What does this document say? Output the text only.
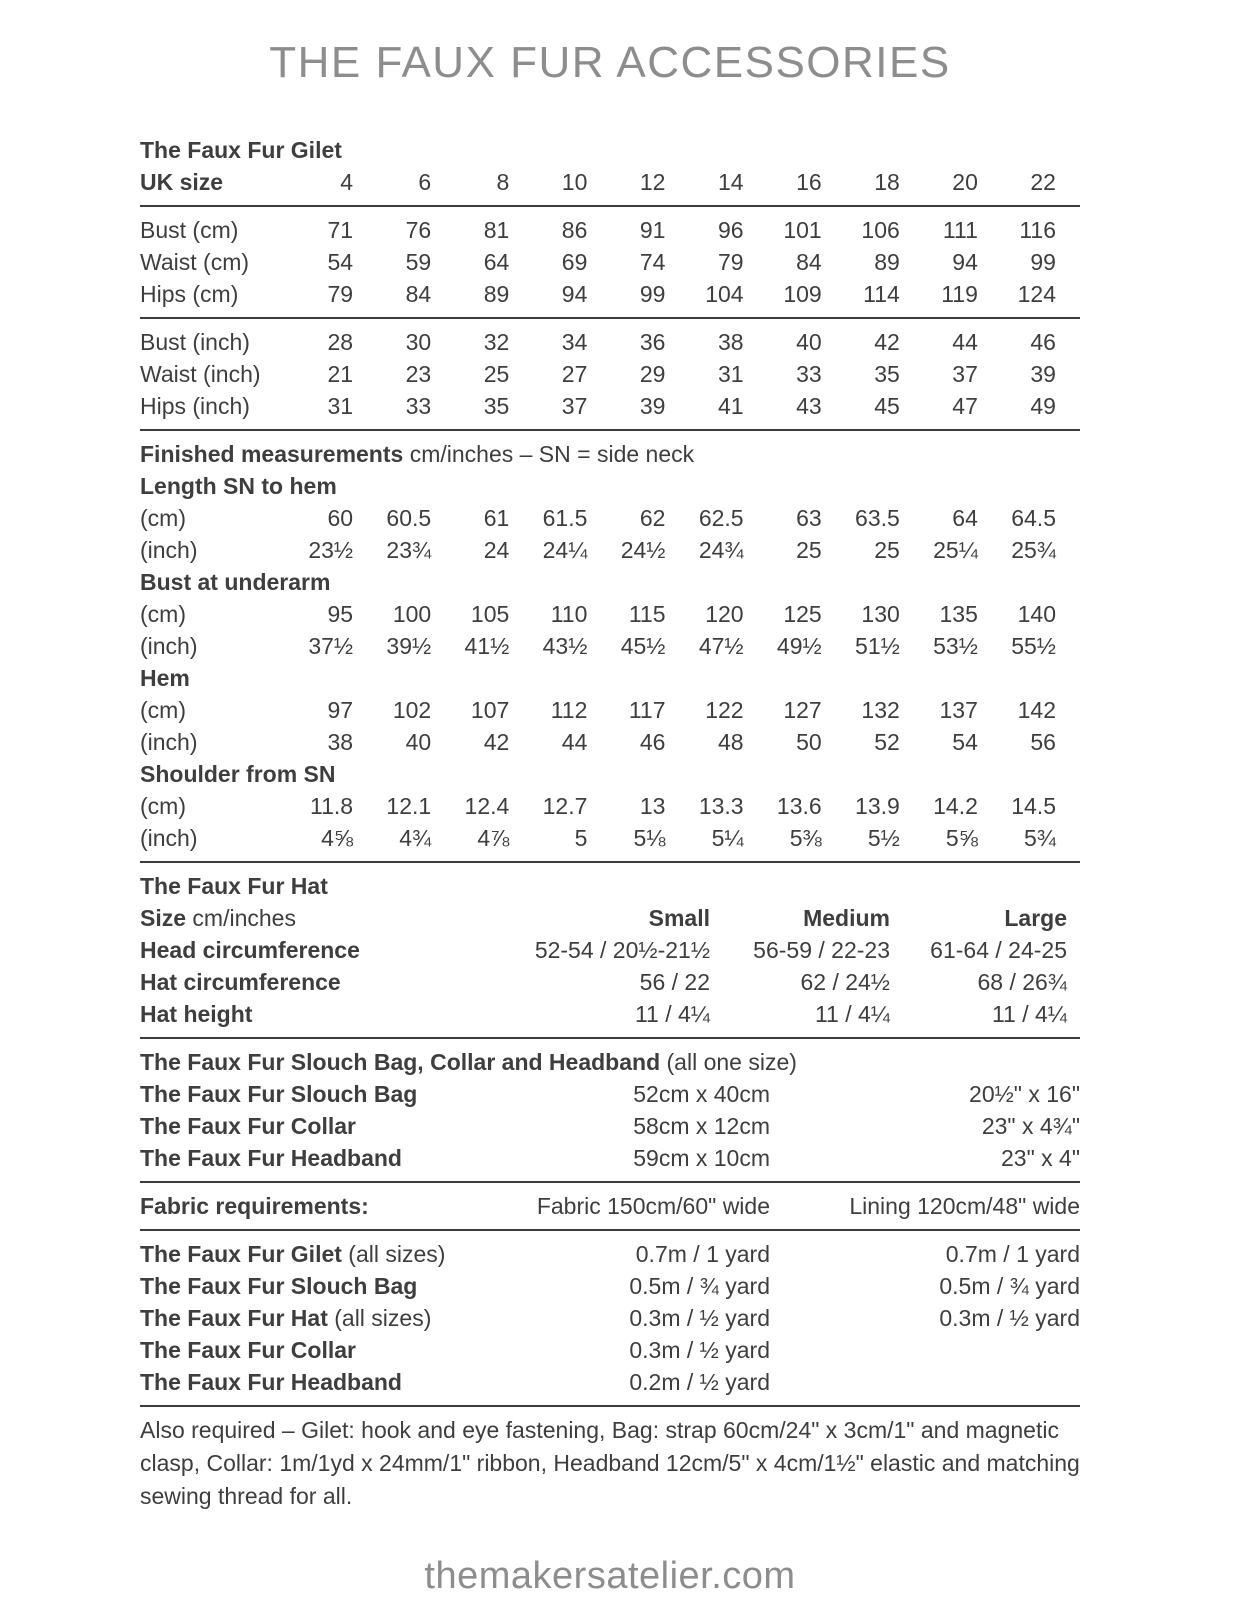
THE FAUX FUR ACCESSORIES
The Faux Fur Gilet
UK size	4	6	8	10	12	14	16	18	20	22
Bust (cm)	71	76	81	86	91	96	101	106	111	116
Waist (cm)	54	59	64	69	74	79	84	89	94	99
Hips (cm)	79	84	89	94	99	104	109	114	119	124
Bust (inch)	28	30	32	34	36	38	40	42	44	46
Waist (inch)	21	23	25	27	29	31	33	35	37	39
Hips (inch)	31	33	35	37	39	41	43	45	47	49
Finished measurements cm/inches – SN = side neck
Length SN to hem
(cm)	60	60.5	61	61.5	62	62.5	63	63.5	64	64.5
(inch)	23½	23¾	24	24¼	24½	24¾	25	25	25¼	25¾
Bust at underarm
(cm)	95	100	105	110	115	120	125	130	135	140
(inch)	37½	39½	41½	43½	45½	47½	49½	51½	53½	55½
Hem
(cm)	97	102	107	112	117	122	127	132	137	142
(inch)	38	40	42	44	46	48	50	52	54	56
Shoulder from SN
(cm)	11.8	12.1	12.4	12.7	13	13.3	13.6	13.9	14.2	14.5
(inch)	4⅝	4¾	4⅞	5	5⅛	5¼	5⅜	5½	5⅝	5¾
The Faux Fur Hat
Size cm/inches	Small	Medium	Large
Head circumference	52-54 / 20½-21½	56-59 / 22-23	61-64 / 24-25
Hat circumference	56 / 22	62 / 24½	68 / 26¾
Hat height	11 / 4¼	11 / 4¼	11 / 4¼
The Faux Fur Slouch Bag, Collar and Headband (all one size)
The Faux Fur Slouch Bag	52cm x 40cm	20½" x 16"
The Faux Fur Collar	58cm x 12cm	23" x 4¾"
The Faux Fur Headband	59cm x 10cm	23" x 4"
Fabric requirements:	Fabric 150cm/60" wide	Lining 120cm/48" wide
The Faux Fur Gilet (all sizes)	0.7m / 1 yard	0.7m / 1 yard
The Faux Fur Slouch Bag	0.5m / ¾ yard	0.5m / ¾ yard
The Faux Fur Hat (all sizes)	0.3m / ½ yard	0.3m / ½ yard
The Faux Fur Collar	0.3m / ½ yard
The Faux Fur Headband	0.2m / ½ yard

Also required – Gilet: hook and eye fastening, Bag: strap 60cm/24" x 3cm/1" and magnetic clasp, Collar: 1m/1yd x 24mm/1" ribbon, Headband 12cm/5" x 4cm/1½" elastic and matching sewing thread for all.

themakersatelier.com
